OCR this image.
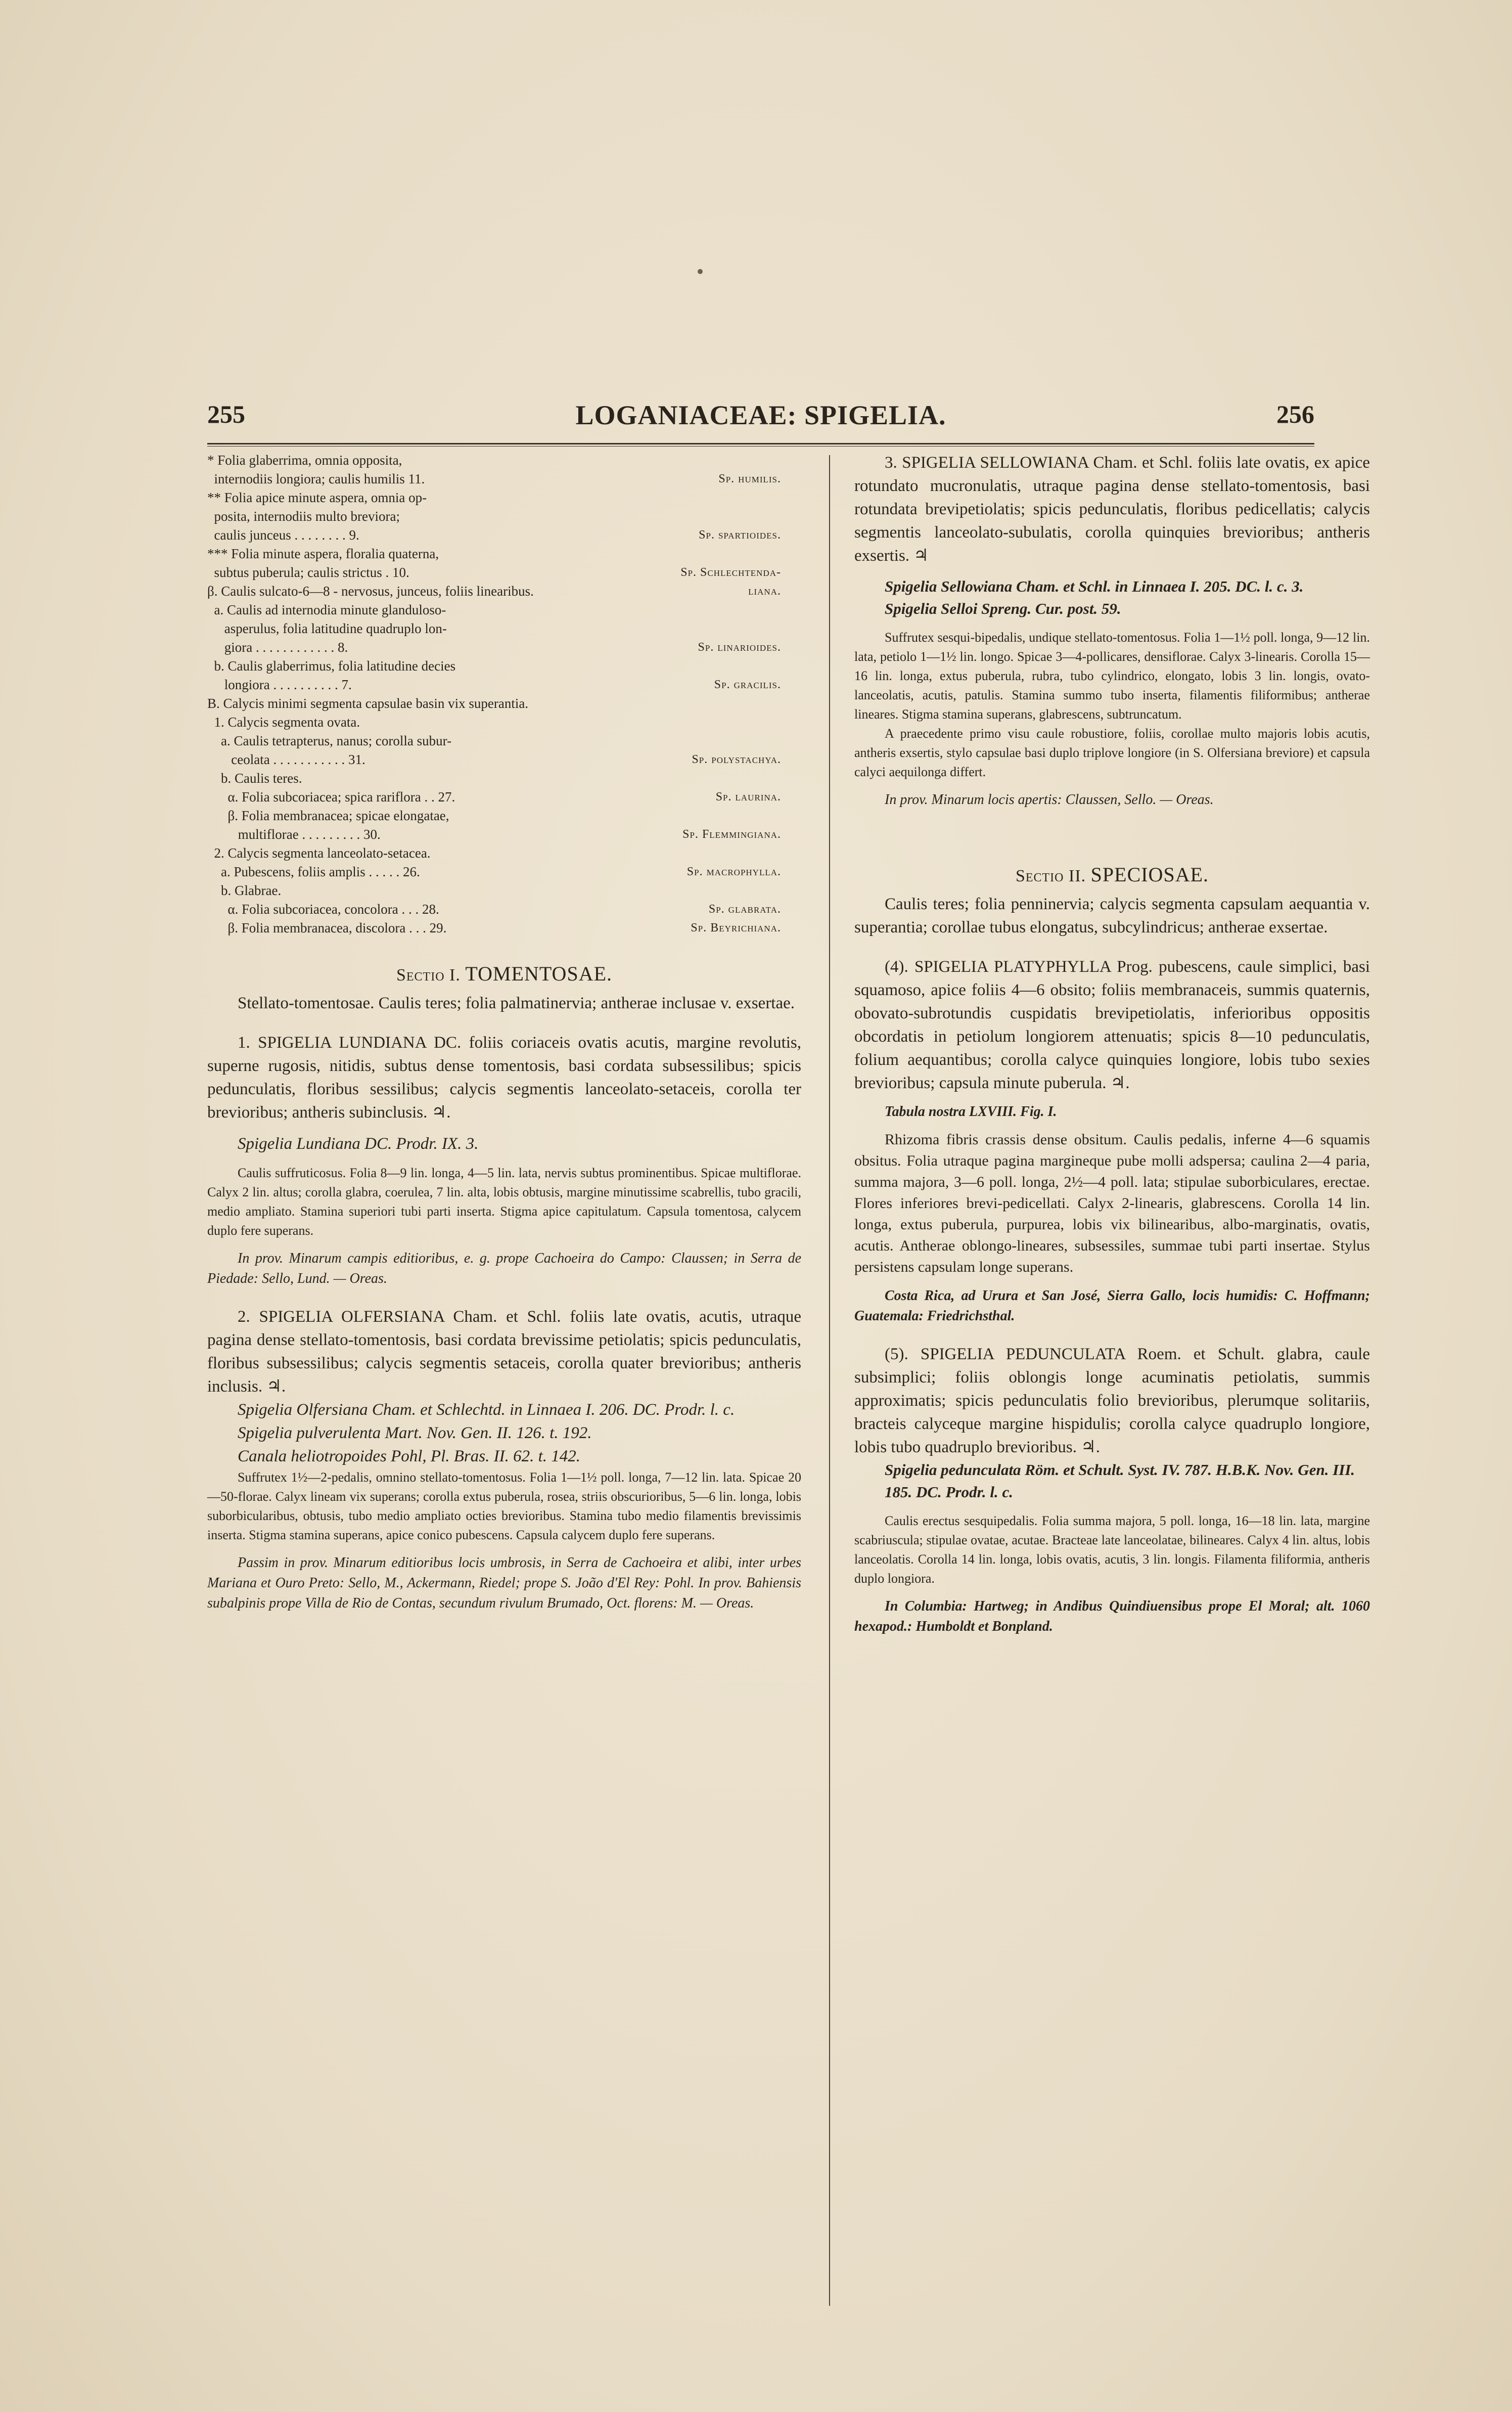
255	LOGANIACEAE: SPIGELIA.	256
* Folia glaberrima, omnia opposita,
internodiis longiora; caulis humilis 11.	Sp. humilis.
** Folia apice minute aspera, omnia op-
posita, internodiis multo breviora;
caulis junceus . . . . . . . . 9.	Sp. spartioides.
*** Folia minute aspera, floralia quaterna,
subtus puberula; caulis strictus . 10.	Sp. Schlechtenda-
liana.
β. Caulis sulcato-6—8 - nervosus, junceus, foliis linearibus.
a. Caulis ad internodia minute glanduloso-
asperulus, folia latitudine quadruplo lon-
giora . . . . . . . . . . . . 8.	Sp. linarioides.
b. Caulis glaberrimus, folia latitudine decies
longiora . . . . . . . . . . 7.	Sp. gracilis.
B. Calycis minimi segmenta capsulae basin vix superantia.
1. Calycis segmenta ovata.
a. Caulis tetrapterus, nanus; corolla subur-
ceolata . . . . . . . . . . . 31.	Sp. polystachya.
b. Caulis teres.
α. Folia subcoriacea; spica rariflora . . 27.	Sp. laurina.
β. Folia membranacea; spicae elongatae,
multiflorae . . . . . . . . . 30.	Sp. Flemmingiana.
2. Calycis segmenta lanceolato-setacea.
a. Pubescens, foliis amplis . . . . . 26.	Sp. macrophylla.
b. Glabrae.
α. Folia subcoriacea, concolora . . . 28.	Sp. glabrata.
β. Folia membranacea, discolora . . . 29.	Sp. Beyrichiana.
Sectio I. TOMENTOSAE.
Stellato-tomentosae. Caulis teres; folia palmatinervia; antherae inclusae v. exsertae.
1. SPIGELIA LUNDIANA DC. foliis coriaceis ovatis acutis, margine revolutis, superne rugosis, nitidis, subtus dense tomentosis, basi cordata subsessilibus; spicis pedunculatis, floribus sessilibus; calycis segmentis lanceolato-setaceis, corolla ter brevioribus; antheris subinclusis. ♃.
Spigelia Lundiana DC. Prodr. IX. 3.
Caulis suffruticosus. Folia 8—9 lin. longa, 4—5 lin. lata, nervis subtus prominentibus. Spicae multiflorae. Calyx 2 lin. altus; corolla glabra, coerulea, 7 lin. alta, lobis obtusis, margine minutissime scabrellis, tubo gracili, medio ampliato. Stamina superiori tubi parti inserta. Stigma apice capitulatum. Capsula tomentosa, calycem duplo fere superans.
In prov. Minarum campis editioribus, e. g. prope Cachoeira do Campo: Claussen; in Serra de Piedade: Sello, Lund. — Oreas.
2. SPIGELIA OLFERSIANA Cham. et Schl. foliis late ovatis, acutis, utraque pagina dense stellato-tomentosis, basi cordata brevissime petiolatis; spicis pedunculatis, floribus subsessilibus; calycis segmentis setaceis, corolla quater brevioribus; antheris inclusis. ♃.
Spigelia Olfersiana Cham. et Schlechtd. in Linnaea I. 206. DC. Prodr. l. c.
Spigelia pulverulenta Mart. Nov. Gen. II. 126. t. 192.
Canala heliotropoides Pohl, Pl. Bras. II. 62. t. 142.
Suffrutex 1½—2-pedalis, omnino stellato-tomentosus. Folia 1—1½ poll. longa, 7—12 lin. lata. Spicae 20—50-florae. Calyx lineam vix superans; corolla extus puberula, rosea, striis obscurioribus, 5—6 lin. longa, lobis suborbicularibus, obtusis, tubo medio ampliato octies brevioribus. Stamina tubo medio filamentis brevissimis inserta. Stigma stamina superans, apice conico pubescens. Capsula calycem duplo fere superans.
Passim in prov. Minarum editioribus locis umbrosis, in Serra de Cachoeira et alibi, inter urbes Mariana et Ouro Preto: Sello, M., Ackermann, Riedel; prope S. João d'El Rey: Pohl. In prov. Bahiensis subalpinis prope Villa de Rio de Contas, secundum rivulum Brumado, Oct. florens: M. — Oreas.
3. SPIGELIA SELLOWIANA Cham. et Schl. foliis late ovatis, ex apice rotundato mucronulatis, utraque pagina dense stellato-tomentosis, basi rotundata brevipetiolatis; spicis pedunculatis, floribus pedicellatis; calycis segmentis lanceolato-subulatis, corolla quinquies brevioribus; antheris exsertis. ♃
Spigelia Sellowiana Cham. et Schl. in Linnaea I. 205. DC. l. c. 3.
Spigelia Selloi Spreng. Cur. post. 59.
Suffrutex sesqui-bipedalis, undique stellato-tomentosus. Folia 1—1½ poll. longa, 9—12 lin. lata, petiolo 1—1½ lin. longo. Spicae 3—4-pollicares, densiflorae. Calyx 3-linearis. Corolla 15—16 lin. longa, extus puberula, rubra, tubo cylindrico, elongato, lobis 3 lin. longis, ovato-lanceolatis, acutis, patulis. Stamina summo tubo inserta, filamentis filiformibus; antherae lineares. Stigma stamina superans, glabrescens, subtruncatum.
A praecedente primo visu caule robustiore, foliis, corollae multo majoris lobis acutis, antheris exsertis, stylo capsulae basi duplo triplove longiore (in S. Olfersiana breviore) et capsula calyci aequilonga differt.
In prov. Minarum locis apertis: Claussen, Sello. — Oreas.
Sectio II. SPECIOSAE.
Caulis teres; folia penninervia; calycis segmenta capsulam aequantia v. superantia; corollae tubus elongatus, subcylindricus; antherae exsertae.
(4). SPIGELIA PLATYPHYLLA Prog. pubescens, caule simplici, basi squamoso, apice foliis 4—6 obsito; foliis membranaceis, summis quaternis, obovato-subrotundis cuspidatis brevipetiolatis, inferioribus oppositis obcordatis in petiolum longiorem attenuatis; spicis 8—10 pedunculatis, folium aequantibus; corolla calyce quinquies longiore, lobis tubo sexies brevioribus; capsula minute puberula. ♃.
Tabula nostra LXVIII. Fig. I.
Rhizoma fibris crassis dense obsitum. Caulis pedalis, inferne 4—6 squamis obsitus. Folia utraque pagina margineque pube molli adspersa; caulina 2—4 paria, summa majora, 3—6 poll. longa, 2½—4 poll. lata; stipulae suborbiculares, erectae. Flores inferiores brevi-pedicellati. Calyx 2-linearis, glabrescens. Corolla 14 lin. longa, extus puberula, purpurea, lobis vix bilinearibus, albo-marginatis, ovatis, acutis. Antherae oblongo-lineares, subsessiles, summae tubi parti insertae. Stylus persistens capsulam longe superans.
Costa Rica, ad Urura et San José, Sierra Gallo, locis humidis: C. Hoffmann; Guatemala: Friedrichsthal.
(5). SPIGELIA PEDUNCULATA Roem. et Schult. glabra, caule subsimplici; foliis oblongis longe acuminatis petiolatis, summis approximatis; spicis pedunculatis folio brevioribus, plerumque solitariis, bracteis calyceque margine hispidulis; corolla calyce quadruplo longiore, lobis tubo quadruplo brevioribus. ♃.
Spigelia pedunculata Röm. et Schult. Syst. IV. 787. H.B.K. Nov. Gen. III. 185. DC. Prodr. l. c.
Caulis erectus sesquipedalis. Folia summa majora, 5 poll. longa, 16—18 lin. lata, margine scabriuscula; stipulae ovatae, acutae. Bracteae late lanceolatae, bilineares. Calyx 4 lin. altus, lobis lanceolatis. Corolla 14 lin. longa, lobis ovatis, acutis, 3 lin. longis. Filamenta filiformia, antheris duplo longiora.
In Columbia: Hartweg; in Andibus Quindiuensibus prope El Moral; alt. 1060 hexapod.: Humboldt et Bonpland.
